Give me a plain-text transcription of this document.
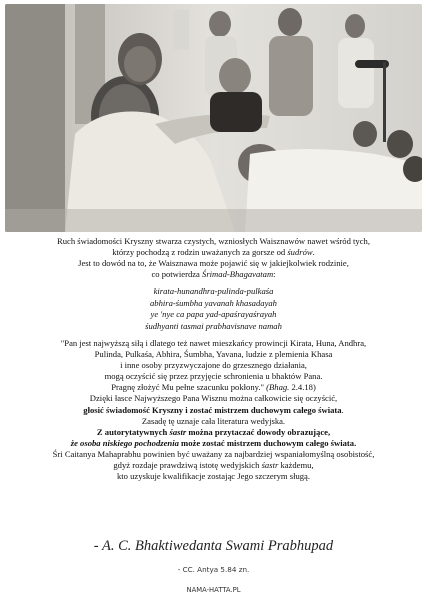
Ruch świadomości Kryszny stwarza czystych, wzniosłych Waisznawów nawet wśród tych,

którzy pochodzą z rodzin uważanych za gorsze od śudrów.

Jest to dowód na to, że Waisznawa może pojawić się w jakiejkolwiek rodzinie,

co potwierdza Śrimad-Bhagavatam:

kirata-hunandhra-pulinda-pulkaśa

abhira-śumbha yavanah khasadayah

ye 'nye ca papa yad-apaśrayaśrayah

śudhyanti tasmai prabhavisnave namah

"Pan jest najwyższą siłą i dlatego też nawet mieszkańcy prowincji Kirata, Huna, Andhra,

Pulinda, Pulkaśa, Abhira, Śumbha, Yavana, ludzie z plemienia Khasa

i inne osoby przyzwyczajone do grzesznego działania,

mogą oczyścić się przez przyjęcie schronienia u bhaktów Pana.

Pragnę złożyć Mu pełne szacunku pokłony." (Bhag. 2.4.18)

Dzięki łasce Najwyższego Pana Wisznu można całkowicie się oczyścić,

głosić świadomość Kryszny i zostać mistrzem duchowym całego świata.

Zasadę tę uznaje cała literatura wedyjska.

Z autorytatywnych śastr można przytaczać dowody obrazujące,

że osoba niskiego pochodzenia może zostać mistrzem duchowym całego świata.

Śri Caitanya Mahaprabhu powinien być uważany za najbardziej wspaniałomyślną osobistość,

gdyż rozdaje prawdziwą istotę wedyjskich śastr każdemu,

kto uzyskuje kwalifikacje zostając Jego szczerym sługą.

- A. C. Bhaktiwedanta Swami Prabhupad
- CC. Antya 5.84 zn.
NAMA-HATTA.PL
